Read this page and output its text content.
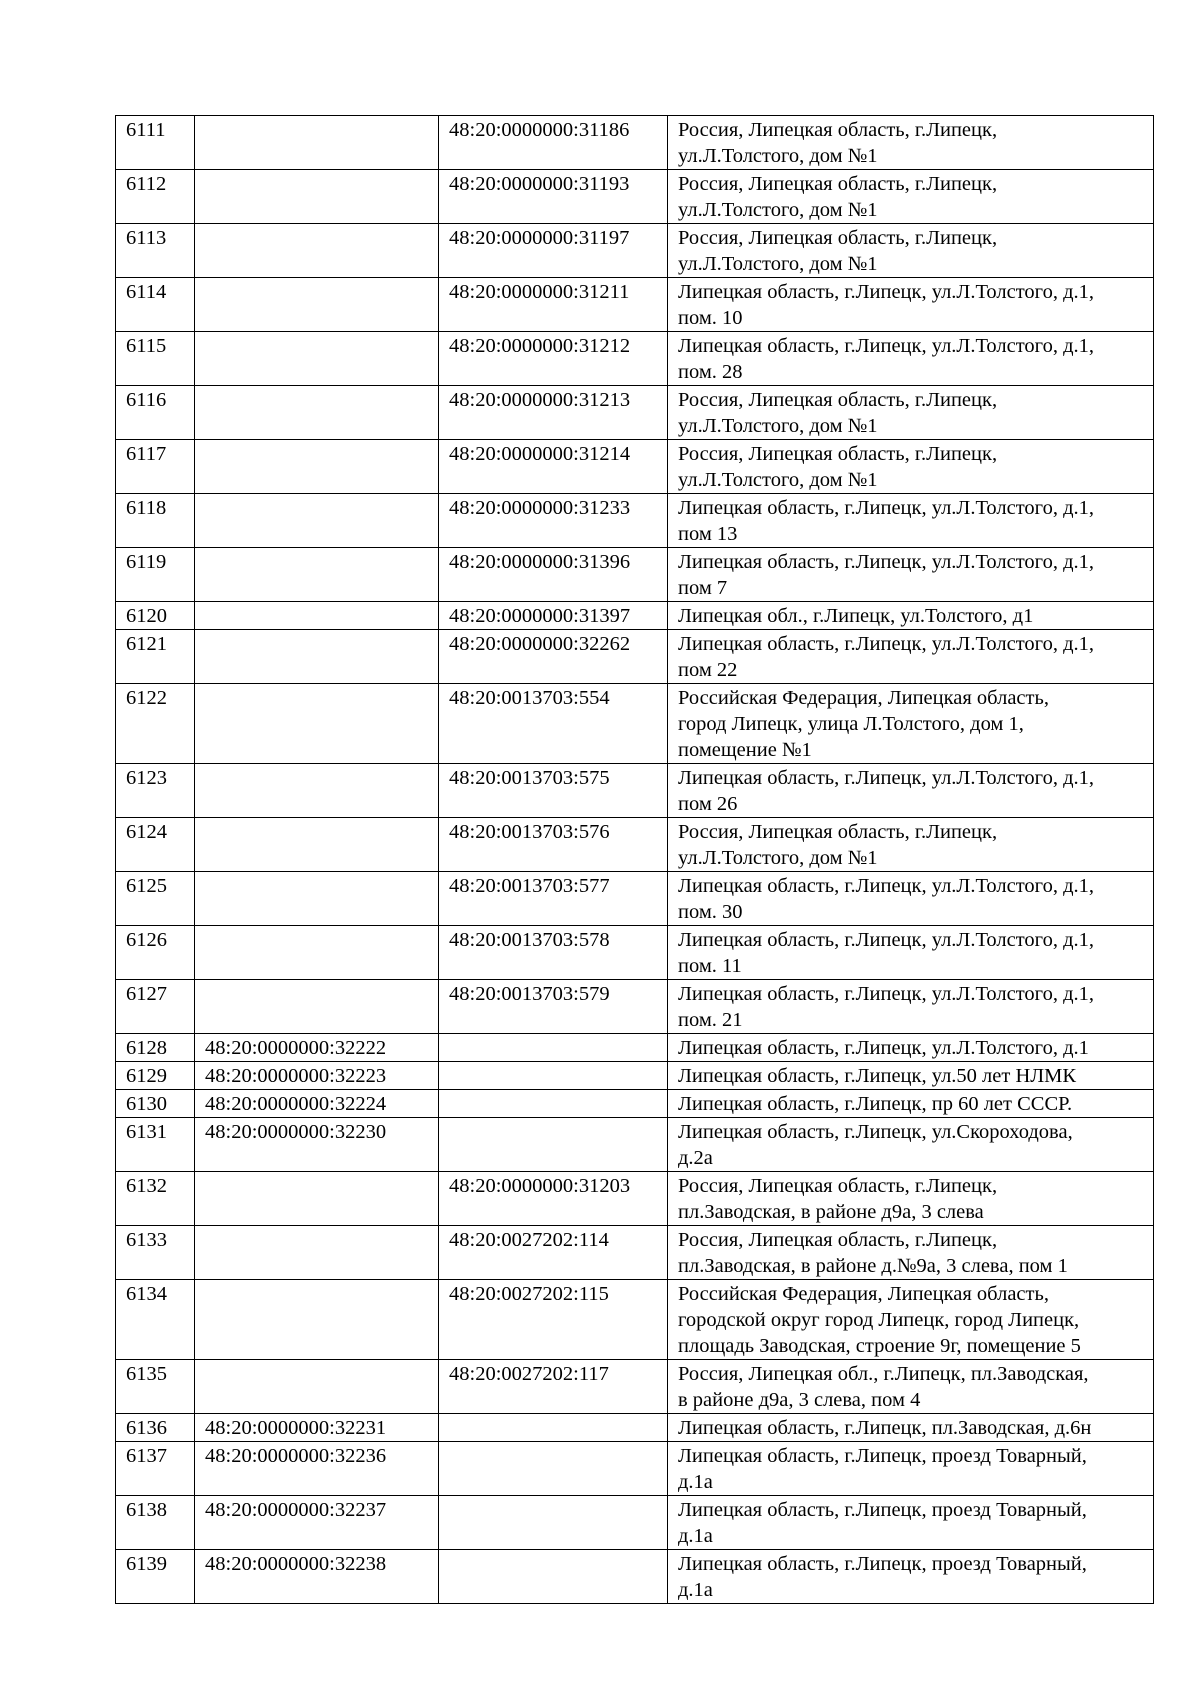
6111		48:20:0000000:31186	Россия, Липецкая область, г.Липецк,
ул.Л.Толстого, дом №1

6112		48:20:0000000:31193	Россия, Липецкая область, г.Липецк,
ул.Л.Толстого, дом №1

6113		48:20:0000000:31197	Россия, Липецкая область, г.Липецк,
ул.Л.Толстого, дом №1

6114		48:20:0000000:31211	Липецкая область, г.Липецк, ул.Л.Толстого, д.1,
пом. 10

6115		48:20:0000000:31212	Липецкая область, г.Липецк, ул.Л.Толстого, д.1,
пом. 28

6116		48:20:0000000:31213	Россия, Липецкая область, г.Липецк,
ул.Л.Толстого, дом №1

6117		48:20:0000000:31214	Россия, Липецкая область, г.Липецк,
ул.Л.Толстого, дом №1

6118		48:20:0000000:31233	Липецкая область, г.Липецк, ул.Л.Толстого, д.1,
пом 13

6119		48:20:0000000:31396	Липецкая область, г.Липецк, ул.Л.Толстого, д.1,
пом 7

6120		48:20:0000000:31397	Липецкая обл., г.Липецк, ул.Толстого, д1

6121		48:20:0000000:32262	Липецкая область, г.Липецк, ул.Л.Толстого, д.1,
пом 22

6122		48:20:0013703:554	Российская Федерация, Липецкая область,
город Липецк, улица Л.Толстого, дом 1,
помещение №1

6123		48:20:0013703:575	Липецкая область, г.Липецк, ул.Л.Толстого, д.1,
пом 26

6124		48:20:0013703:576	Россия, Липецкая область, г.Липецк,
ул.Л.Толстого, дом №1

6125		48:20:0013703:577	Липецкая область, г.Липецк, ул.Л.Толстого, д.1,
пом. 30

6126		48:20:0013703:578	Липецкая область, г.Липецк, ул.Л.Толстого, д.1,
пом. 11

6127		48:20:0013703:579	Липецкая область, г.Липецк, ул.Л.Толстого, д.1,
пом. 21

6128	48:20:0000000:32222		Липецкая область, г.Липецк, ул.Л.Толстого, д.1

6129	48:20:0000000:32223		Липецкая область, г.Липецк, ул.50 лет НЛМК

6130	48:20:0000000:32224		Липецкая область, г.Липецк, пр 60 лет СССР.

6131	48:20:0000000:32230		Липецкая область, г.Липецк, ул.Скороходова,
д.2а

6132		48:20:0000000:31203	Россия, Липецкая область, г.Липецк,
пл.Заводская, в районе д9а, 3 слева

6133		48:20:0027202:114	Россия, Липецкая область, г.Липецк,
пл.Заводская, в районе д.№9а, 3 слева, пом 1

6134		48:20:0027202:115	Российская Федерация, Липецкая область,
городской округ город Липецк, город Липецк,
площадь Заводская, строение 9г, помещение 5

6135		48:20:0027202:117	Россия, Липецкая обл., г.Липецк, пл.Заводская,
в районе д9а, 3 слева, пом 4

6136	48:20:0000000:32231		Липецкая область, г.Липецк, пл.Заводская, д.6н

6137	48:20:0000000:32236		Липецкая область, г.Липецк, проезд Товарный,
д.1а

6138	48:20:0000000:32237		Липецкая область, г.Липецк, проезд Товарный,
д.1а

6139	48:20:0000000:32238		Липецкая область, г.Липецк, проезд Товарный,
д.1а
